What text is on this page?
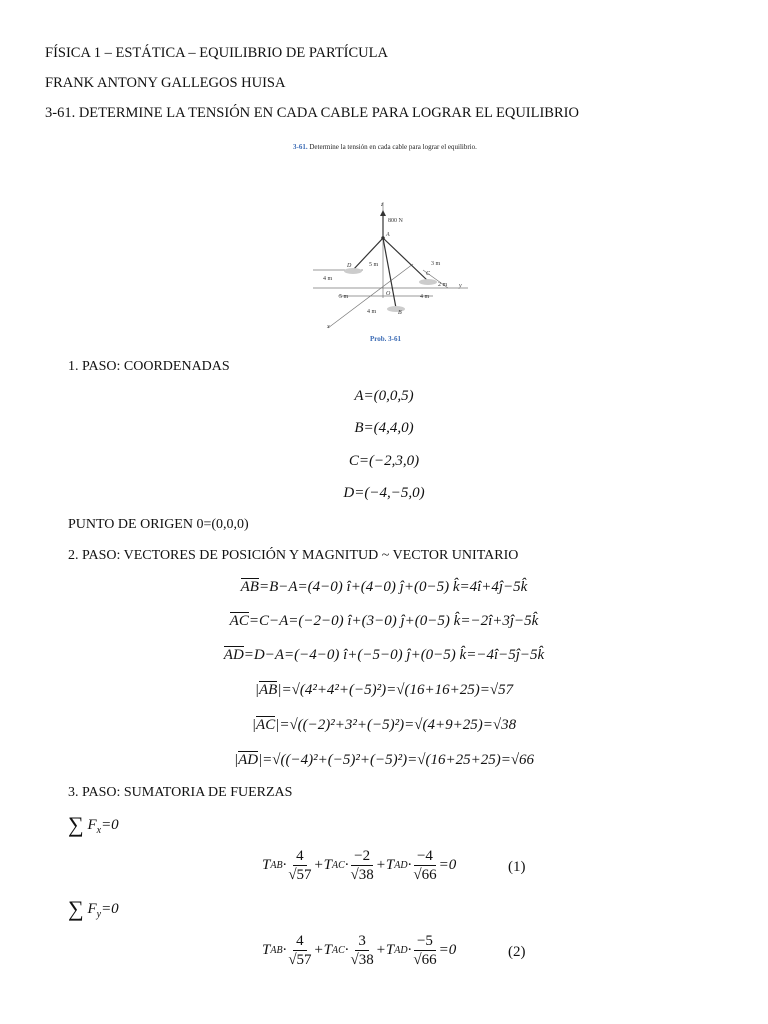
FÍSICA 1 – ESTÁTICA – EQUILIBRIO DE PARTÍCULA
FRANK ANTONY GALLEGOS HUISA
3-61. DETERMINE LA TENSIÓN EN CADA CABLE PARA LOGRAR EL EQUILIBRIO
3-61. Determine la tensión en cada cable para lograr el equilibrio.
z
A
D
C
B
O
x
y
800 N
4 m
5 m	3 m
2 m
5 m	4 m
4 m
Prob. 3-61
1. PASO: COORDENADAS
A=(0,0,5)
B=(4,4,0)
C=(−2,3,0)
D=(−4,−5,0)
PUNTO DE ORIGEN 0=(0,0,0)
2. PASO: VECTORES DE POSICIÓN Y MAGNITUD ~ VECTOR UNITARIO
AB=B−A=(4−0) î+(4−0) ĵ+(0−5) k̂=4î+4ĵ−5k̂
AC=C−A=(−2−0) î+(3−0) ĵ+(0−5) k̂=−2î+3ĵ−5k̂
AD=D−A=(−4−0) î+(−5−0) ĵ+(0−5) k̂=−4î−5ĵ−5k̂
|AB|=√(4²+4²+(−5)²)=√(16+16+25)=√57
|AC|=√((−2)²+3²+(−5)²)=√(4+9+25)=√38
|AD|=√((−4)²+(−5)²+(−5)²)=√(16+25+25)=√66
3. PASO: SUMATORIA DE FUERZAS
∑ $F_x=0$
T AB ·
4
√57
+ T AC ·
−2
√38
+ T AD · $\frac{-4}{√66} =0$	(1)
∑ $F_y=0$
T AB ·
4
√57
+ T AC ·
3
√38
+ T AD · $\frac{-5}{√66} =0$	(2)
